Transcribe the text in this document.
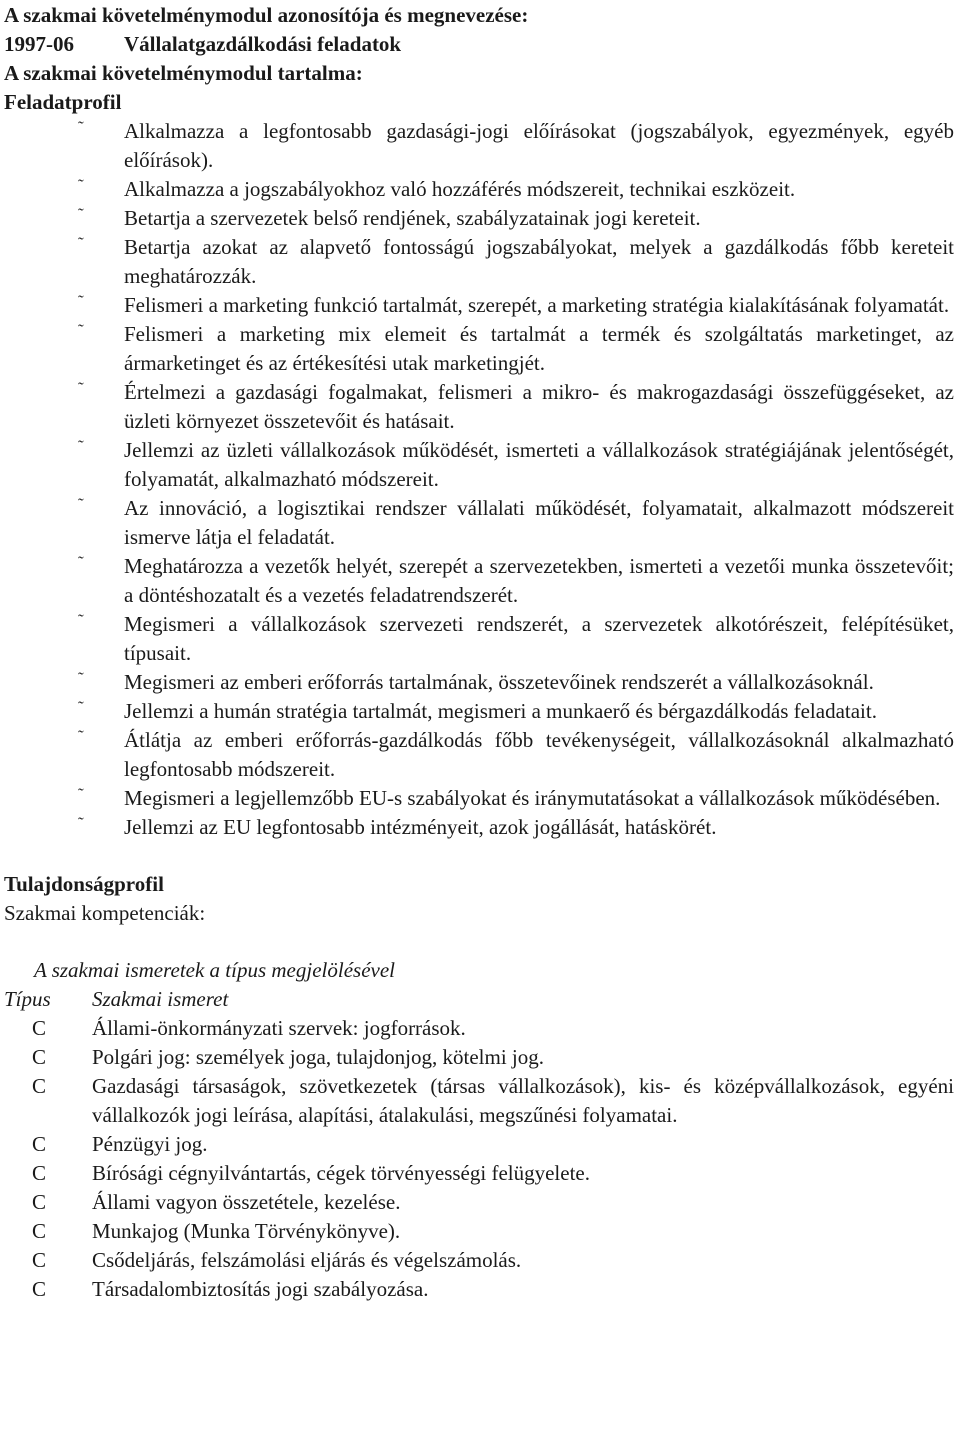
A szakmai követelménymodul azonosítója és megnevezése:
1997-06 Vállalatgazdálkodási feladatok
A szakmai követelménymodul tartalma:
Feladatprofil
˜ Alkalmazza a legfontosabb gazdasági-jogi előírásokat (jogszabályok, egyezmények, egyéb előírások).
˜ Alkalmazza a jogszabályokhoz való hozzáférés módszereit, technikai eszközeit.
˜ Betartja a szervezetek belső rendjének, szabályzatainak jogi kereteit.
˜ Betartja azokat az alapvető fontosságú jogszabályokat, melyek a gazdálkodás főbb kereteit meghatározzák.
˜ Felismeri a marketing funkció tartalmát, szerepét, a marketing stratégia kialakításának folyamatát.
˜ Felismeri a marketing mix elemeit és tartalmát a termék és szolgáltatás marketinget, az ármarketinget és az értékesítési utak marketingjét.
˜ Értelmezi a gazdasági fogalmakat, felismeri a mikro- és makrogazdasági összefüggéseket, az üzleti környezet összetevőit és hatásait.
˜ Jellemzi az üzleti vállalkozások működését, ismerteti a vállalkozások stratégiájának jelentőségét, folyamatát, alkalmazható módszereit.
˜ Az innováció, a logisztikai rendszer vállalati működését, folyamatait, alkalmazott módszereit ismerve látja el feladatát.
˜ Meghatározza a vezetők helyét, szerepét a szervezetekben, ismerteti a vezetői munka összetevőit; a döntéshozatalt és a vezetés feladatrendszerét.
˜ Megismeri a vállalkozások szervezeti rendszerét, a szervezetek alkotórészeit, felépítésüket, típusait.
˜ Megismeri az emberi erőforrás tartalmának, összetevőinek rendszerét a vállalkozásoknál.
˜ Jellemzi a humán stratégia tartalmát, megismeri a munkaerő és bérgazdálkodás feladatait.
˜ Átlátja az emberi erőforrás-gazdálkodás főbb tevékenységeit, vállalkozásoknál alkalmazható legfontosabb módszereit.
˜ Megismeri a legjellemzőbb EU-s szabályokat és iránymutatásokat a vállalkozások működésében.
˜ Jellemzi az EU legfontosabb intézményeit, azok jogállását, hatáskörét.
Tulajdonságprofil
Szakmai kompetenciák:
A szakmai ismeretek a típus megjelölésével
Típus Szakmai ismeret
C Állami-önkormányzati szervek: jogforrások.
C Polgári jog: személyek joga, tulajdonjog, kötelmi jog.
C Gazdasági társaságok, szövetkezetek (társas vállalkozások), kis- és középvállalkozások, egyéni vállalkozók jogi leírása, alapítási, átalakulási, megszűnési folyamatai.
C Pénzügyi jog.
C Bírósági cégnyilvántartás, cégek törvényességi felügyelete.
C Állami vagyon összetétele, kezelése.
C Munkajog (Munka Törvénykönyve).
C Csődeljárás, felszámolási eljárás és végelszámolás.
C Társadalombiztosítás jogi szabályozása.
